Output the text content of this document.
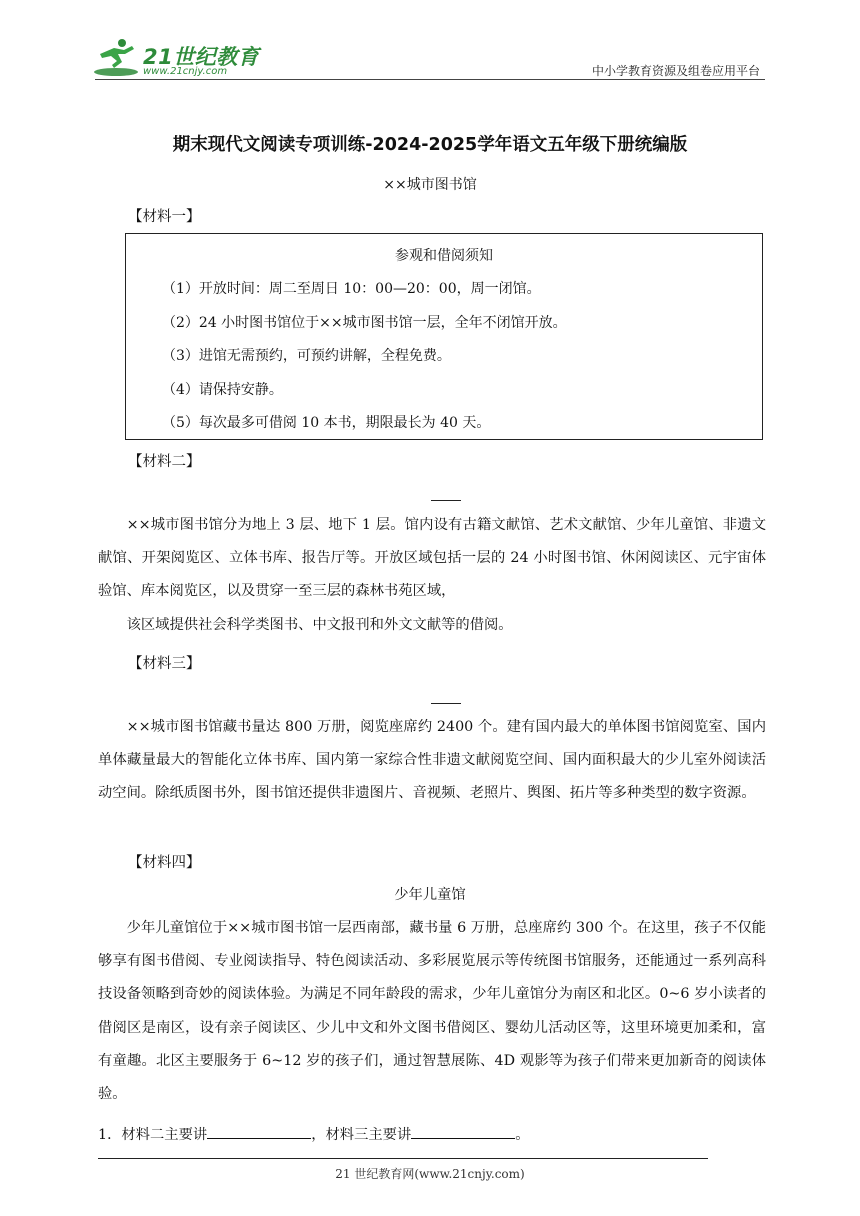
21世纪教育
www.21cnjy.com	中小学教育资源及组卷应用平台
期末现代文阅读专项训练-2024-2025学年语文五年级下册统编版
××城市图书馆
【材料一】
参观和借阅须知
（1）开放时间：周二至周日 10：00—20：00，周一闭馆。
（2）24 小时图书馆位于××城市图书馆一层，全年不闭馆开放。
（3）进馆无需预约，可预约讲解，全程免费。
（4）请保持安静。
（5）每次最多可借阅 10 本书，期限最长为 40 天。
【材料二】

××城市图书馆分为地上 3 层、地下 1 层。馆内设有古籍文献馆、艺术文献馆、少年儿童馆、非遗文献馆、开架阅览区、立体书库、报告厅等。开放区域包括一层的 24 小时图书馆、休闲阅读区、元宇宙体验馆、库本阅览区，以及贯穿一至三层的森林书苑区域，

该区域提供社会科学类图书、中文报刊和外文文献等的借阅。

【材料三】

××城市图书馆藏书量达 800 万册，阅览座席约 2400 个。建有国内最大的单体图书馆阅览室、国内单体藏量最大的智能化立体书库、国内第一家综合性非遗文献阅览空间、国内面积最大的少儿室外阅读活动空间。除纸质图书外，图书馆还提供非遗图片、音视频、老照片、舆图、拓片等多种类型的数字资源。

【材料四】
少年儿童馆

少年儿童馆位于××城市图书馆一层西南部，藏书量 6 万册，总座席约 300 个。在这里，孩子不仅能够享有图书借阅、专业阅读指导、特色阅读活动、多彩展览展示等传统图书馆服务，还能通过一系列高科技设备领略到奇妙的阅读体验。为满足不同年龄段的需求，少年儿童馆分为南区和北区。0~6 岁小读者的借阅区是南区，设有亲子阅读区、少儿中文和外文图书借阅区、婴幼儿活动区等，这里环境更加柔和，富有童趣。北区主要服务于 6~12 岁的孩子们，通过智慧展陈、4D 观影等为孩子们带来更加新奇的阅读体验。

1．材料二主要讲	，材料三主要讲	。
21 世纪教育网(www.21cnjy.com)
